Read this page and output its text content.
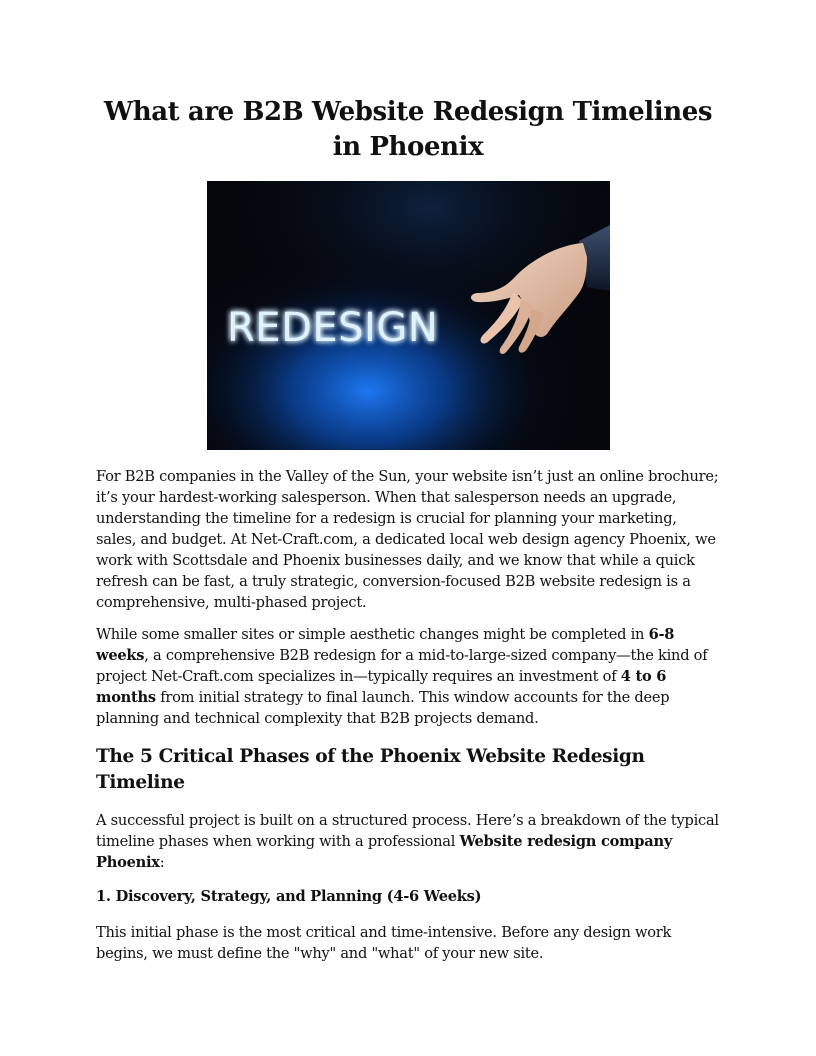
What are B2B Website Redesign Timelines in Phoenix
REDESIGN

For B2B companies in the Valley of the Sun, your website isn’t just an online brochure; it’s your hardest-working salesperson. When that salesperson needs an upgrade, understanding the timeline for a redesign is crucial for planning your marketing, sales, and budget. At Net-Craft.com, a dedicated local web design agency Phoenix, we work with Scottsdale and Phoenix businesses daily, and we know that while a quick refresh can be fast, a truly strategic, conversion-focused B2B website redesign is a comprehensive, multi-phased project.

While some smaller sites or simple aesthetic changes might be completed in 6-8 weeks, a comprehensive B2B redesign for a mid-to-large-sized company—the kind of project Net-Craft.com specializes in—typically requires an investment of 4 to 6 months from initial strategy to final launch. This window accounts for the deep planning and technical complexity that B2B projects demand.

The 5 Critical Phases of the Phoenix Website Redesign Timeline

A successful project is built on a structured process. Here’s a breakdown of the typical timeline phases when working with a professional Website redesign company Phoenix:

1. Discovery, Strategy, and Planning (4-6 Weeks)

This initial phase is the most critical and time-intensive. Before any design work begins, we must define the "why" and "what" of your new site.
